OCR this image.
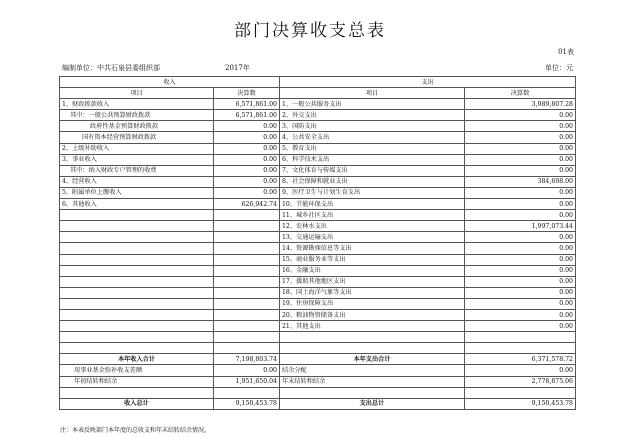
部门决算收支总表
01表
编制单位：中共石泉县委组织部	2017年	单位：元
收入		支出	
项目	决算数	项目	决算数
1、财政拨款收入	6,571,861.00	1、一般公共服务支出	3,989,807.28
其中：一般公共预算财政拨款	6,571,861.00	2、外交支出	0.00
政府性基金预算财政拨款	0.00	3、国防支出	0.00
国有资本经营预算财政拨款	0.00	4、公共安全支出	0.00
2、上级补助收入	0.00	5、教育支出	0.00
3、事业收入	0.00	6、科学技术支出	0.00
其中：纳入财政专户管理的收费	0.00	7、文化体育与传媒支出	0.00
4、经营收入	0.00	8、社会保障和就业支出	384,698.00
5、附属单位上缴收入	0.00	9、医疗卫生与计划生育支出	0.00
6、其他收入	626,942.74	10、节能环保支出	0.00
		11、城乡社区支出	0.00
		12、农林水支出	1,997,073.44
		13、交通运输支出	0.00
		14、资源勘探信息等支出	0.00
		15、商业服务业等支出	0.00
		16、金融支出	0.00
		17、援助其他地区支出	0.00
		18、国土海洋气象等支出	0.00
		19、住房保障支出	0.00
		20、粮油物资储备支出	0.00
		21、其他支出	0.00

本年收入合计	7,198,803.74	本年支出合计	6,371,578.72
用事业基金弥补收支差额	0.00	结余分配	0.00
年初结转和结余	1,951,650.04	年末结转和结余	2,778,875.06

收入总计	9,150,453.78	支出总计	9,150,453.78
注：本表反映部门本年度的总收支和年末结转结余情况。
